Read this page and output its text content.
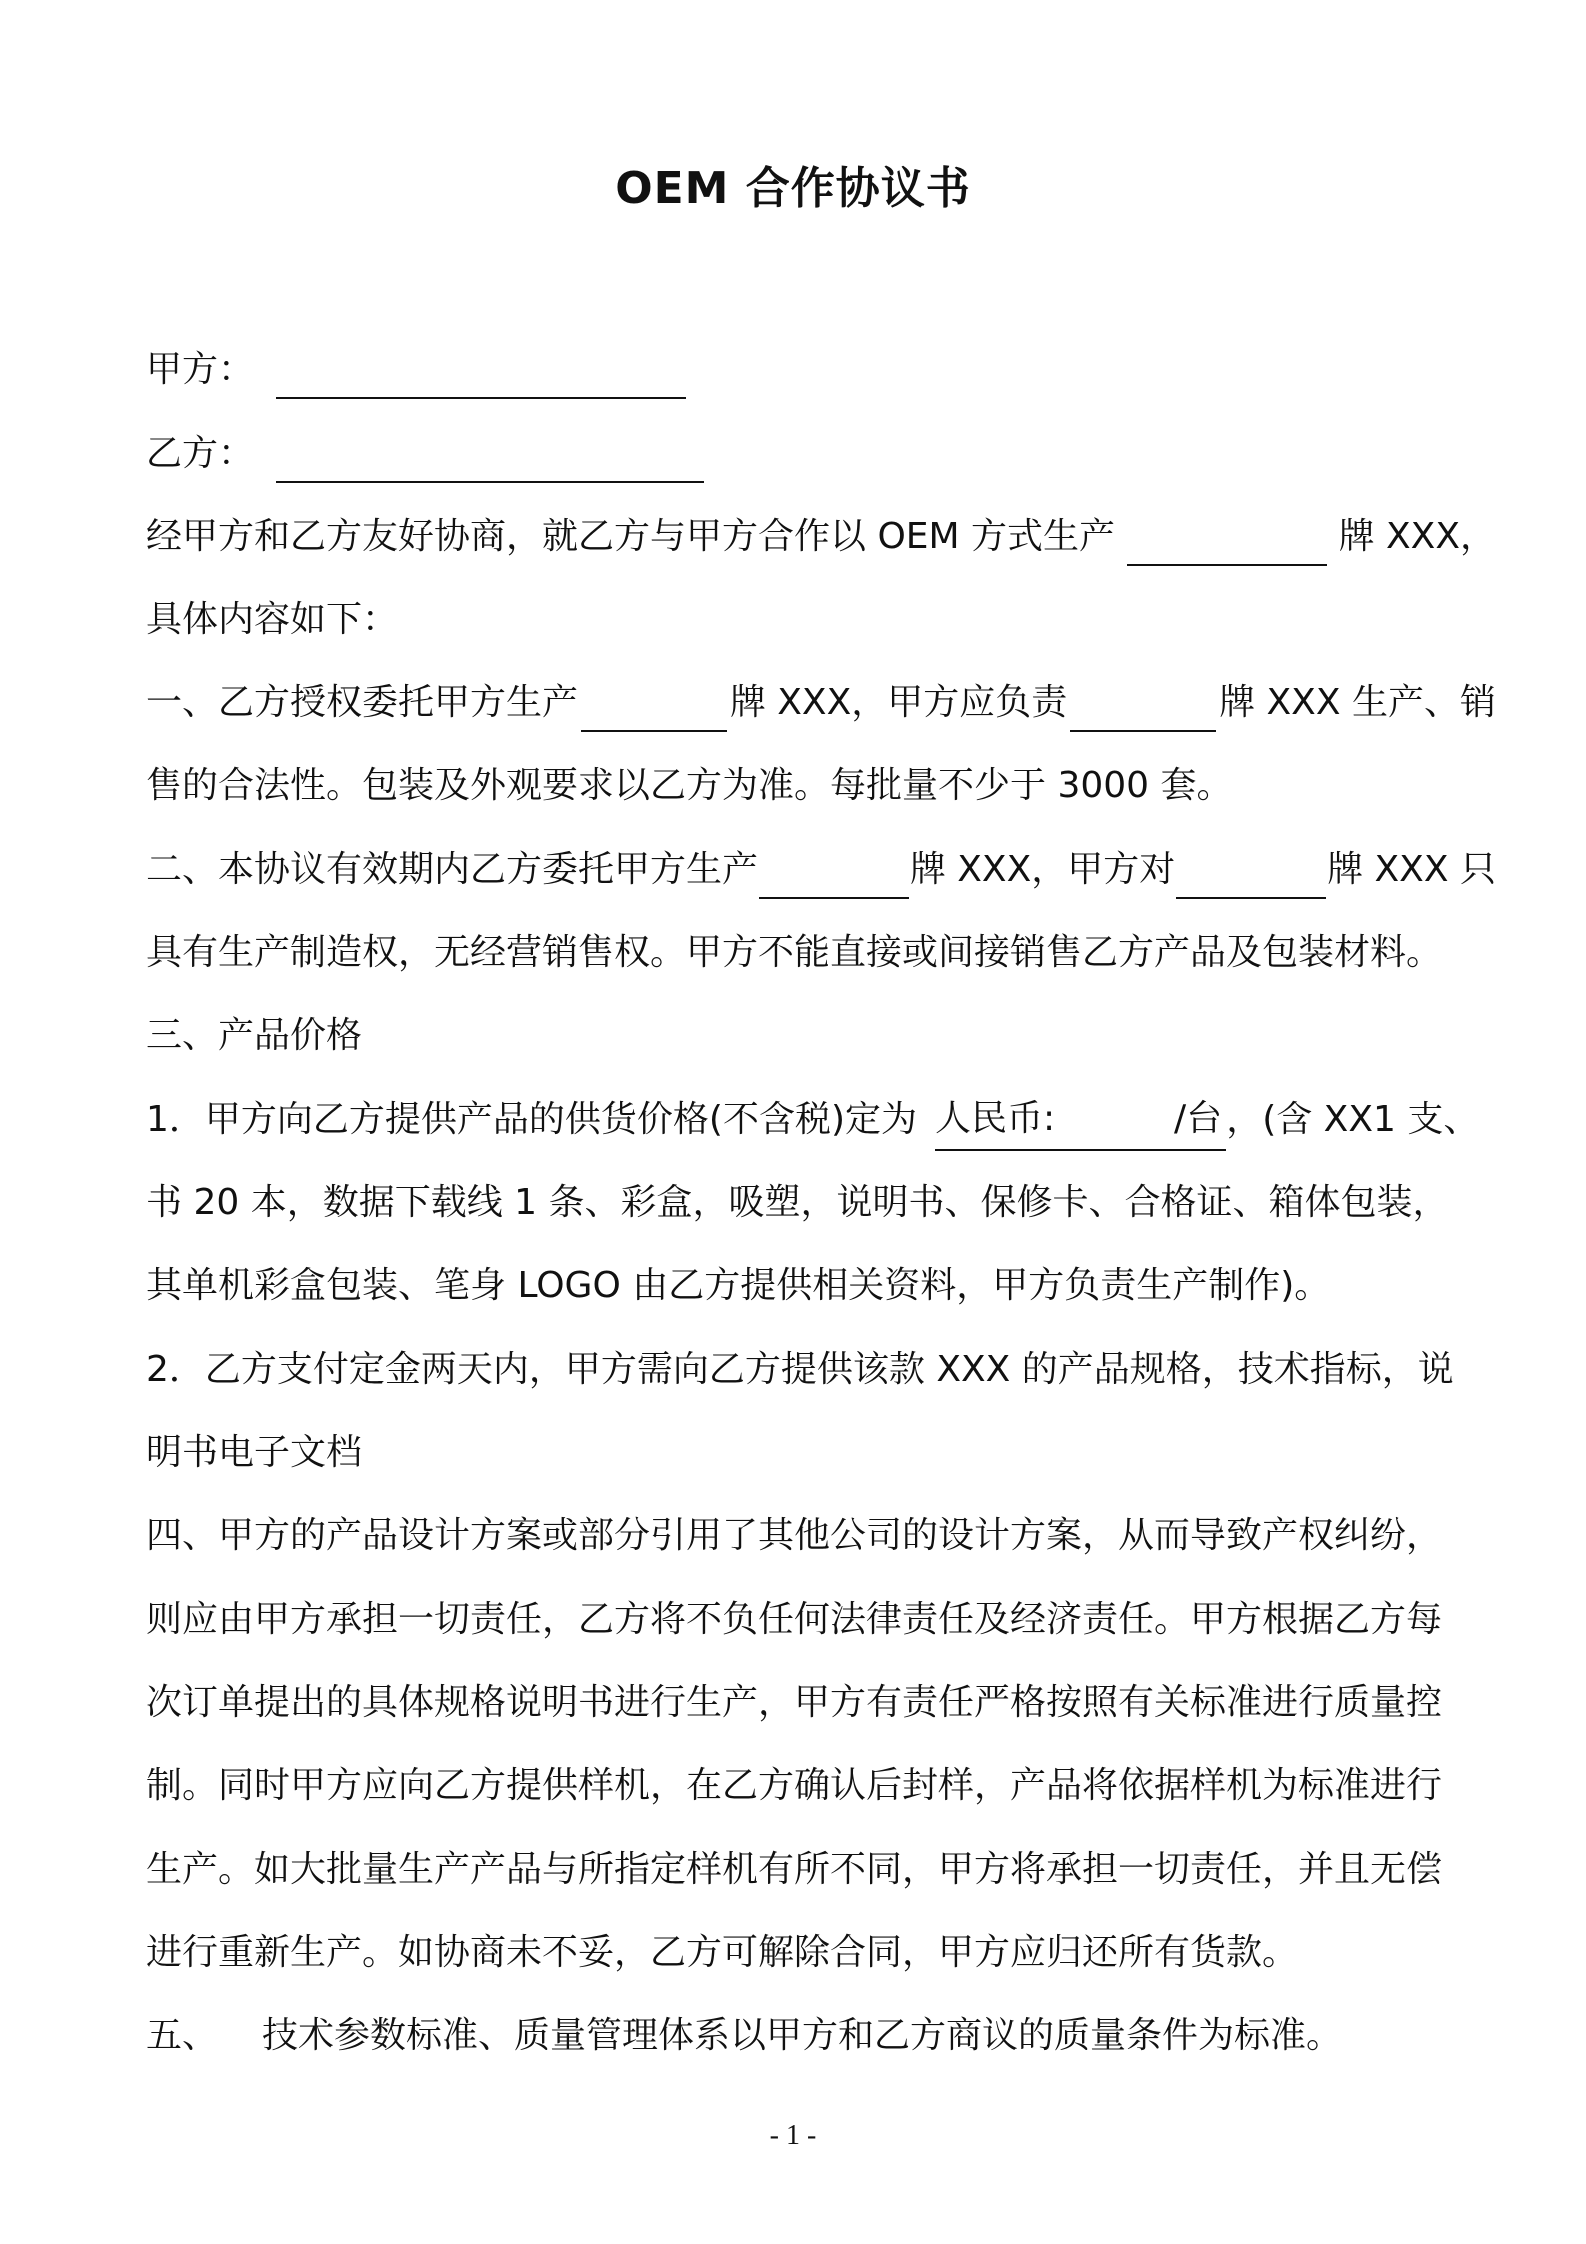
OEM 合作协议书
甲方：
乙方：
经甲方和乙方友好协商，就乙方与甲方合作以 OEM 方式生产	牌 XXX，
具体内容如下：
一、乙方授权委托甲方生产	牌 XXX，甲方应负责	牌 XXX 生产、销
售的合法性。包装及外观要求以乙方为准。每批量不少于 3000 套。
二、本协议有效期内乙方委托甲方生产	牌 XXX，甲方对	牌 XXX 只
具有生产制造权，无经营销售权。甲方不能直接或间接销售乙方产品及包装材料。
三、产品价格
1．甲方向乙方提供产品的供货价格(不含税)定为 人民币:	/台 ，(含 XX1 支、
书 20 本，数据下载线 1 条、彩盒，吸塑，说明书、保修卡、合格证、箱体包装，
其单机彩盒包装、笔身 LOGO 由乙方提供相关资料，甲方负责生产制作)。
2．乙方支付定金两天内，甲方需向乙方提供该款 XXX 的产品规格，技术指标，说
明书电子文档
四、甲方的产品设计方案或部分引用了其他公司的设计方案，从而导致产权纠纷，
则应由甲方承担一切责任，乙方将不负任何法律责任及经济责任。甲方根据乙方每
次订单提出的具体规格说明书进行生产，甲方有责任严格按照有关标准进行质量控
制。同时甲方应向乙方提供样机，在乙方确认后封样，产品将依据样机为标准进行
生产。如大批量生产产品与所指定样机有所不同，甲方将承担一切责任，并且无偿
进行重新生产。如协商未不妥，乙方可解除合同，甲方应归还所有货款。
五、 技术参数标准、质量管理体系以甲方和乙方商议的质量条件为标准。
- 1 -
